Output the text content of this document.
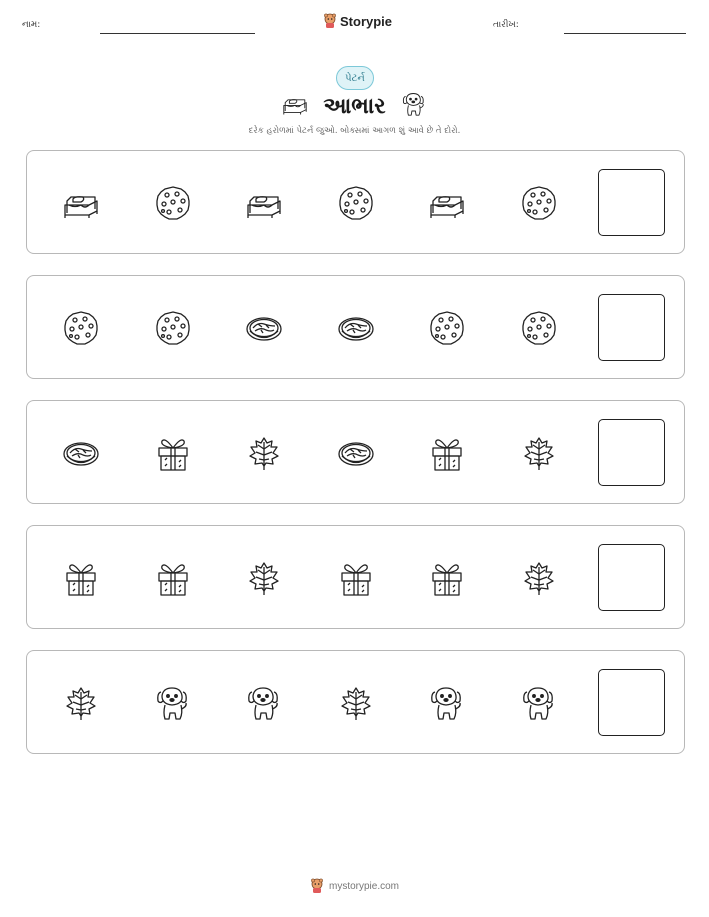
નામ:	Storypie	તારીખ:
પેટર્ન
આભાર
દરેક હરોળમાં પેટર્ન જુઓ. બોક્સમાં આગળ શું આવે છે તે દોરો.
mystorypie.com
